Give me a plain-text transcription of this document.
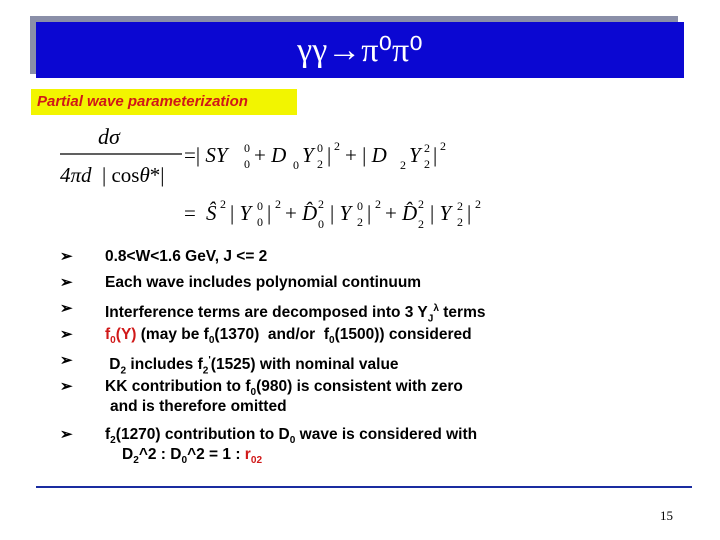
γγ→π⁰π⁰
Partial wave parameterization
dσ
4πd | cosθ*|
=| SY 0
0 + D 0 Y 0
2 | 2 + | D 2 Y 2
2 | 2
= Ŝ 2 | Y 0
0 | 2 + D̂ 2
0 | Y 0
2 | 2 + D̂ 2
2 | Y 2
2 | 2
➢ 0.8<W<1.6 GeV, J <= 2
➢ Each wave includes polynomial continuum
➢ Interference terms are decomposed into 3 $Y_J^\lambda$ terms
➢ $f_0(Y)$ (may be $f_0(1370)$  and/or  $f_0(1500)$) considered
➢ $D_2$ includes $f_2'(1525)$ with nominal value
➢ KK contribution to $f_0(980)$ is consistent with zero
and is therefore omitted
➢ $f_2(1270)$ contribution to $D_0$ wave is considered with
$D_2\^{}2$ : $D_0\^{}2 = 1$ : $r_{02}$
15
